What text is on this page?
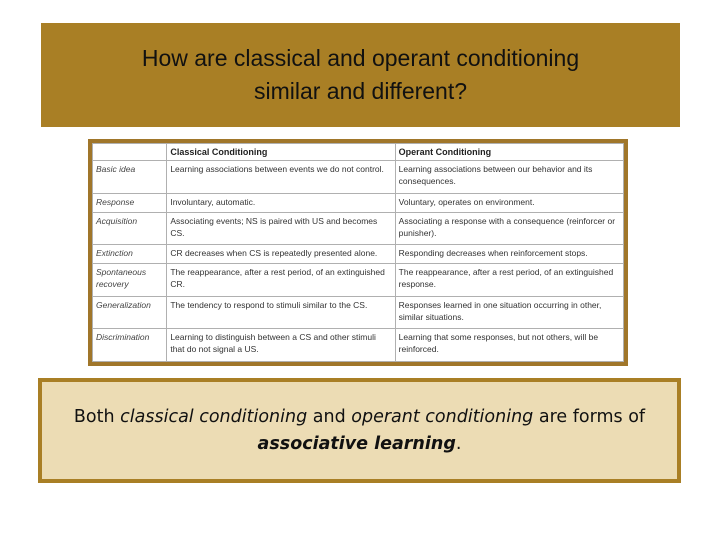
How are classical and operant conditioning
similar and different?
	Classical Conditioning	Operant Conditioning
Basic idea	Learning associations between events we do not control.	Learning associations between our behavior and its consequences.
Response	Involuntary, automatic.	Voluntary, operates on environment.
Acquisition	Associating events; NS is paired with US and becomes CS.	Associating a response with a consequence (reinforcer or punisher).
Extinction	CR decreases when CS is repeatedly presented alone.	Responding decreases when reinforcement stops.
Spontaneous recovery	The reappearance, after a rest period, of an extinguished CR.	The reappearance, after a rest period, of an extinguished response.
Generalization	The tendency to respond to stimuli similar to the CS.	Responses learned in one situation occurring in other, similar situations.
Discrimination	Learning to distinguish between a CS and other stimuli that do not signal a US.	Learning that some responses, but not others, will be reinforced.
Both classical conditioning and operant conditioning are forms of associative learning.
